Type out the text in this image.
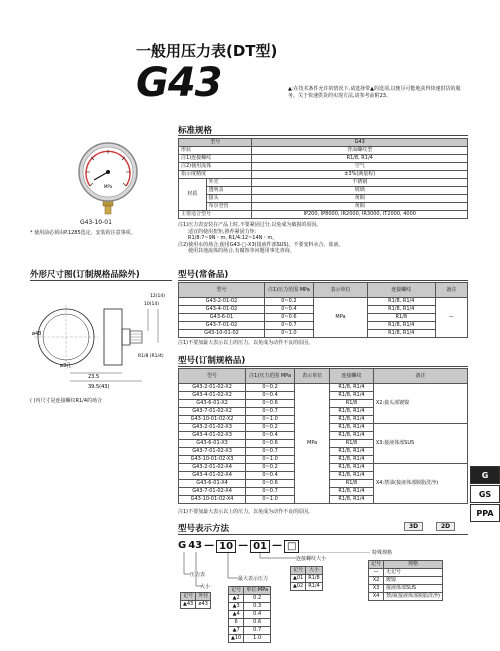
一般用压力表(DT型)
G43	▲:在技术条件允许的情况下,请选择带▲的选项,以便尽可能地获得快速供货的服务。关于快速供货的实现方法,请参考前附23。
MPa
G43-10-01
* 使用前必须由P.1285选定、安装的注意事项。
标准规格
型号		G43
形状		背面螺纹型
注1)连接螺纹		R1/8, R1/4
注2)使用流体		空气
指示度精度		±3%(满量程)
材质	外壳	不锈钢
	透明盖	玻璃
	接头	黄铜
	布尔登管	黄铜
主要适合型号		IP200, IP8000, IR2000, IR3000, IT2000, 4000
注1)压力表安装在产品上时,不要紧固过分,以免成为破损的原因。
适宜的使用扭矩,推荐紧固力矩:
R1/8:7~9N・m, R1/4:12~14N・m。
注2)使用水的场合,使用G43-□-X3(接液件部SUS)。不要变料水合、盐液。
使用其他流体的场合,有腐蚀等问题用事先查询。
外形尺寸图(订制规格品除外)
ø43
ø3孔
23.5
39.5(43)
R1/8 (R1/4)
10(14)
12(14)
( )内尺寸是连接螺纹R1/4的场合
型号(常备品)
型号	注1)压力范围 MPa	表示单位	连接螺纹	备注
G43-2-01-02	0~0.2	MPa	R1/8, R1/4	—
G43-4-01-02	0~0.4		R1/8, R1/4	
G43-6-01	0~0.6		R1/8	
G43-7-01-02	0~0.7		R1/8, R1/4	
G43-10-01-02	0~1.0		R1/8, R1/4	
注1)不要加最大表示以上的压力。以免成为动作不良的原因。
型号(订制规格品)
型号	注1)压力范围 MPa	表示单位	连接螺纹	备注
G43-2-01-02-X2	0~0.2	MPa	R1/8, R1/4	X2:接头部镀镍
G43-4-01-02-X2	0~0.4		R1/8, R1/4	
G43-6-01-X2	0~0.6		R1/8	
G43-7-01-02-X2	0~0.7		R1/8, R1/4	
G43-10-01-02-X2	0~1.0		R1/8, R1/4	
G43-2-01-02-X3	0~0.2		R1/8, R1/4	X3:接液体部SUS
G43-4-01-02-X3	0~0.4		R1/8, R1/4	
G43-6-01-X3	0~0.6		R1/8	
G43-7-01-02-X3	0~0.7		R1/8, R1/4	
G43-10-01-02-X3	0~1.0		R1/8, R1/4	
G43-2-01-02-X4	0~0.2		R1/8, R1/4	X4:禁油(接液体部脱脂洗净)
G43-4-01-02-X4	0~0.4		R1/8, R1/4	
G43-6-01-X4	0~0.6		R1/8	
G43-7-01-02-X4	0~0.7		R1/8, R1/4	
G43-10-01-02-X4	0~1.0		R1/8, R1/4	
注1)不要加最大表示以上的压力。以免成为动作不良的原因。
型号表示方法	3D	2D
G 43 — 10 — 01 — □
压力表
大小
记号	外径
▲43	ø43
最大表示压力
记号	单位:MPa
▲2	0.2
▲3	0.3
▲4	0.4
6	0.6
▲7	0.7
▲10	1.0
连接螺纹大小
记号	大小
▲01	R1/8
▲02	R1/4
特殊规格
记号	规格
—	无记号
X2	镀镍
X3	接液体部SUS
X4	禁油(接液体部脱脂洗净)
G
GS
PPA
